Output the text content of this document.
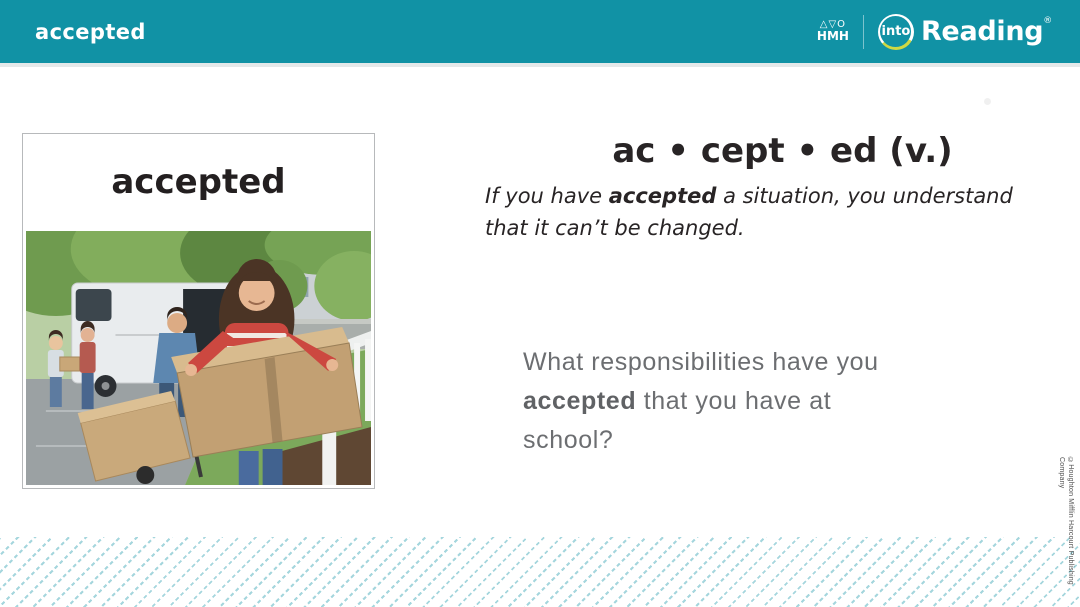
accepted	△▽O
HMH	into Reading®
accepted
ac • cept • ed (v.)
If you have accepted a situation, you understand that it can’t be changed.
What responsibilities have you accepted that you have at school?
©Houghton Mifflin Harcourt Publishing
Company
